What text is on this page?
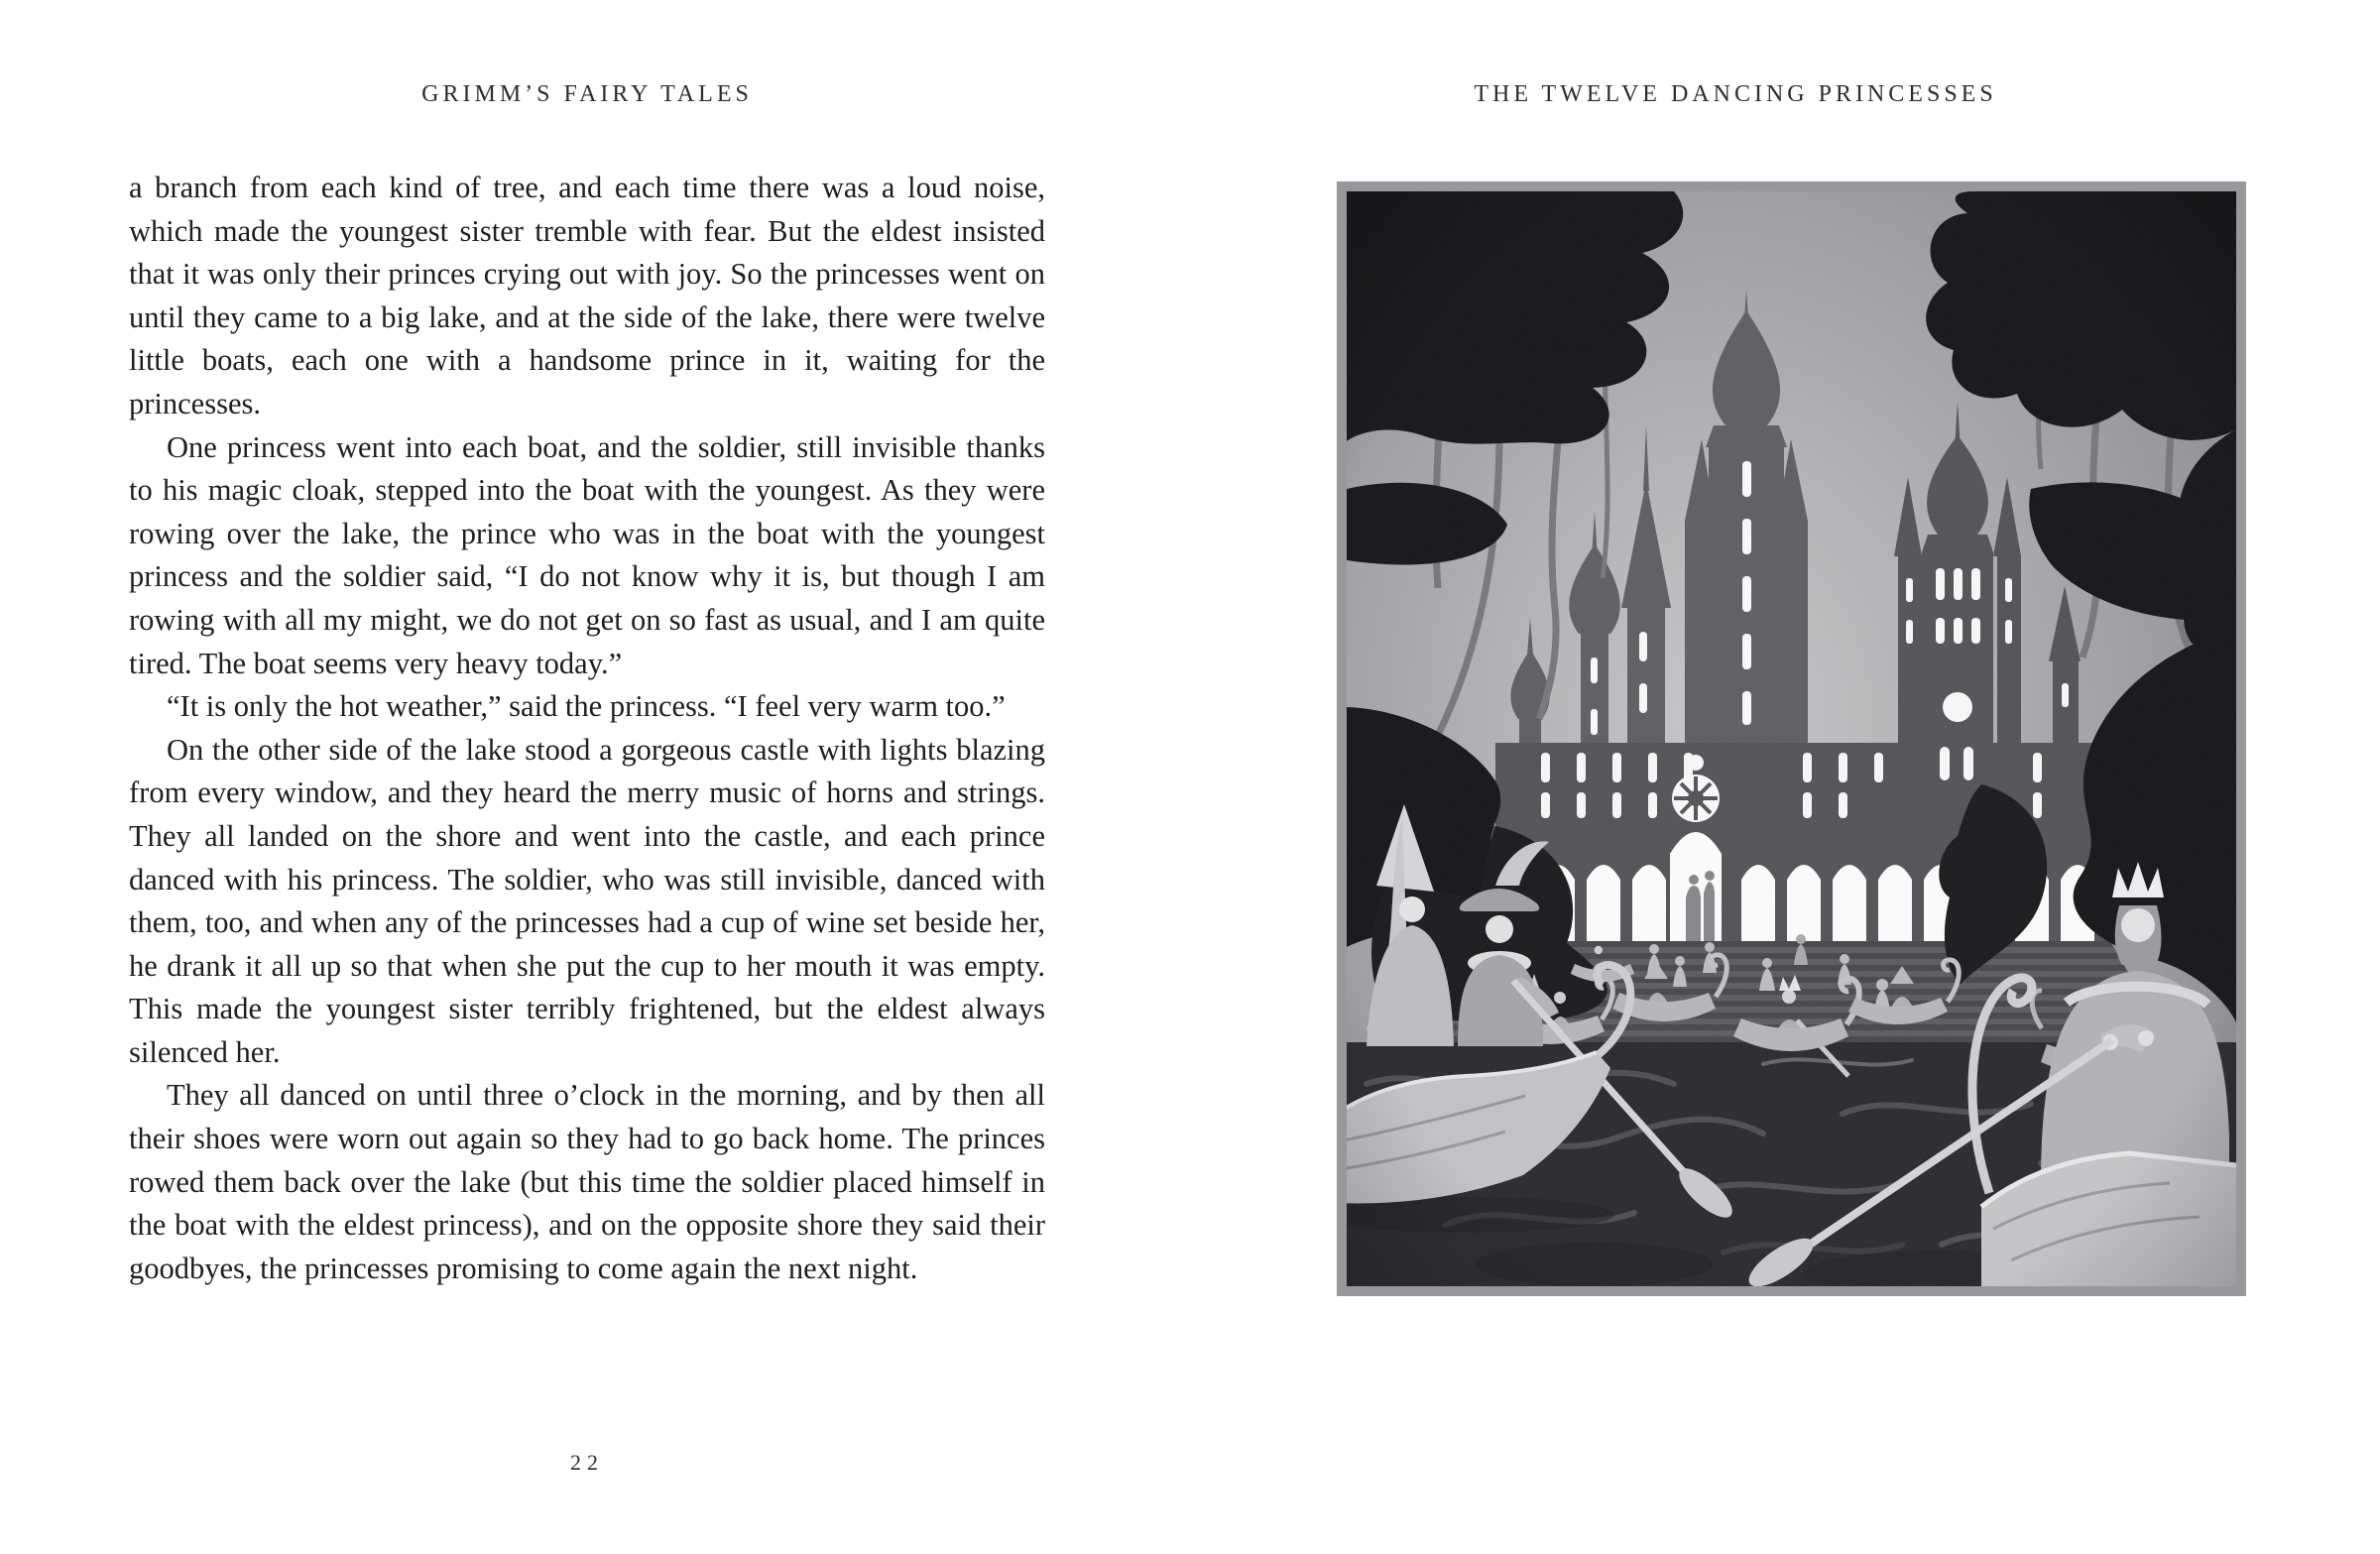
GRIMM’S FAIRY TALES	THE TWELVE DANCING PRINCESSES

a branch from each kind of tree, and each time there was a loud noise, which made the youngest sister tremble with fear. But the eldest insisted that it was only their princes crying out with joy. So the princesses went on until they came to a big lake, and at the side of the lake, there were twelve little boats, each one with a handsome prince in it, waiting for the princesses.

One princess went into each boat, and the soldier, still invisible thanks to his magic cloak, stepped into the boat with the youngest. As they were rowing over the lake, the prince who was in the boat with the youngest princess and the soldier said, “I do not know why it is, but though I am rowing with all my might, we do not get on so fast as usual, and I am quite tired. The boat seems very heavy today.”

“It is only the hot weather,” said the princess. “I feel very warm too.”

On the other side of the lake stood a gorgeous castle with lights blazing from every window, and they heard the merry music of horns and strings. They all landed on the shore and went into the castle, and each prince danced with his princess. The soldier, who was still invisible, danced with them, too, and when any of the princesses had a cup of wine set beside her, he drank it all up so that when she put the cup to her mouth it was empty. This made the youngest sister terribly frightened, but the eldest always silenced her.

They all danced on until three o’clock in the morning, and by then all their shoes were worn out again so they had to go back home. The princes rowed them back over the lake (but this time the soldier placed himself in the boat with the eldest princess), and on the opposite shore they said their goodbyes, the princesses promising to come again the next night.

22
